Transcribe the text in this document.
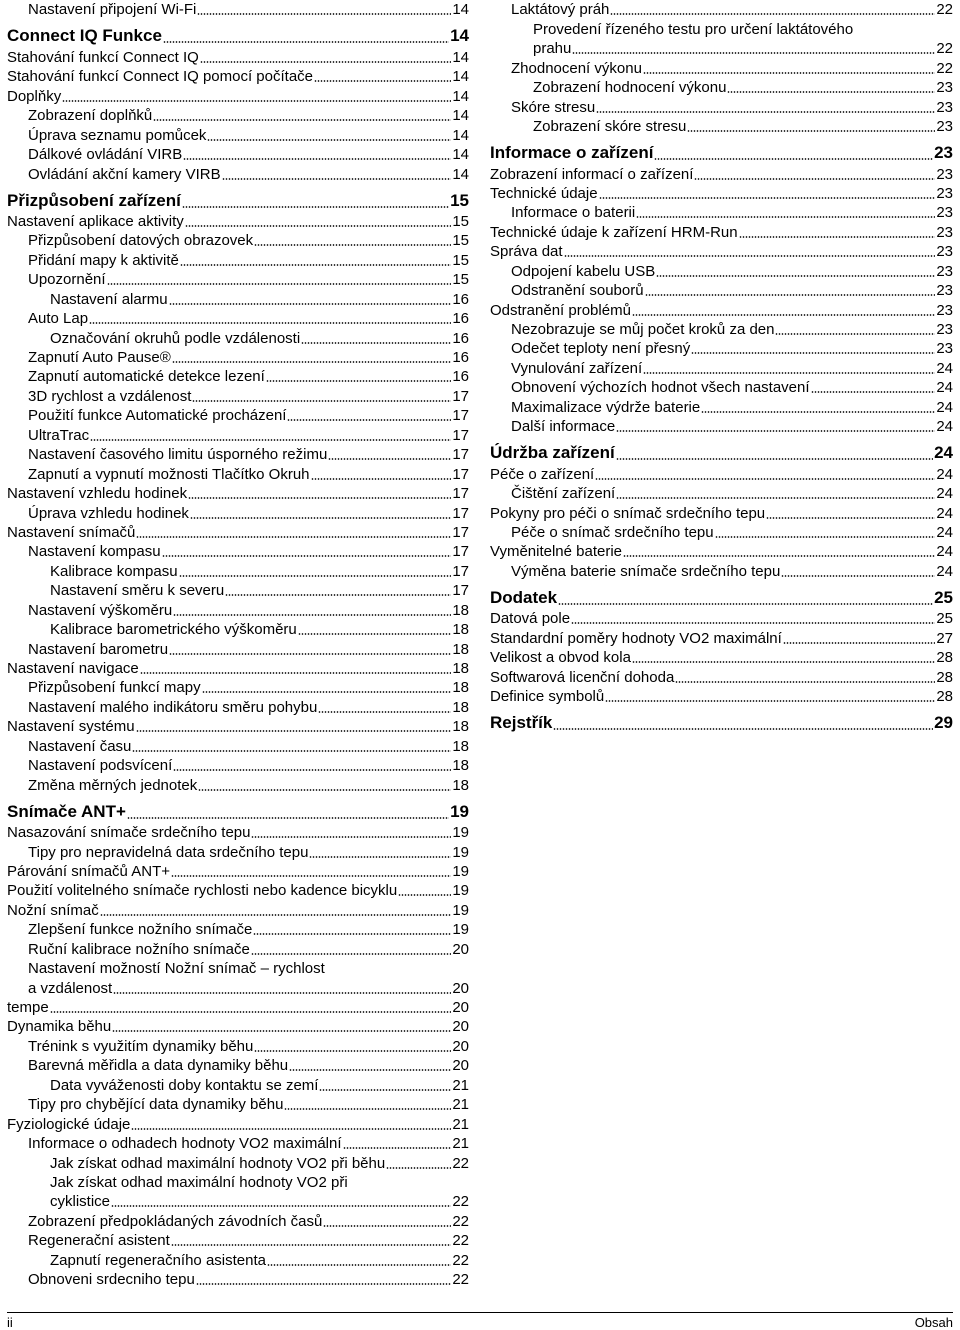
Nastavení připojení Wi-Fi	14
Connect IQ Funkce	14
Stahování funkcí Connect IQ	14
Stahování funkcí Connect IQ pomocí počítače	14
Doplňky	14
Zobrazení doplňků	14
Úprava seznamu pomůcek	14
Dálkové ovládání VIRB	14
Ovládání akční kamery VIRB	14
Přizpůsobení zařízení	15
Nastavení aplikace aktivity	15
Přizpůsobení datových obrazovek	15
Přidání mapy k aktivitě	15
Upozornění	15
Nastavení alarmu	16
Auto Lap	16
Označování okruhů podle vzdálenosti	16
Zapnutí Auto Pause®	16
Zapnutí automatické detekce lezení	16
3D rychlost a vzdálenost	17
Použití funkce Automatické procházení	17
UltraTrac	17
Nastavení časového limitu úsporného režimu	17
Zapnutí a vypnutí možnosti Tlačítko Okruh	17
Nastavení vzhledu hodinek	17
Úprava vzhledu hodinek	17
Nastavení snímačů	17
Nastavení kompasu	17
Kalibrace kompasu	17
Nastavení směru k severu	17
Nastavení výškoměru	18
Kalibrace barometrického výškoměru	18
Nastavení barometru	18
Nastavení navigace	18
Přizpůsobení funkcí mapy	18
Nastavení malého indikátoru směru pohybu	18
Nastavení systému	18
Nastavení času	18
Nastavení podsvícení	18
Změna měrných jednotek	18
Snímače ANT+	19
Nasazování snímače srdečního tepu	19
Tipy pro nepravidelná data srdečního tepu	19
Párování snímačů ANT+	19
Použití volitelného snímače rychlosti nebo kadence bicyklu	19
Nožní snímač	19
Zlepšení funkce nožního snímače	19
Ruční kalibrace nožního snímače	20
Nastavení možností Nožní snímač – rychlost
a vzdálenost	20
tempe	20
Dynamika běhu	20
Trénink s využitím dynamiky běhu	20
Barevná měřidla a data dynamiky běhu	20
Data vyváženosti doby kontaktu se zemí	21
Tipy pro chybějící data dynamiky běhu	21
Fyziologické údaje	21
Informace o odhadech hodnoty VO2 maximální	21
Jak získat odhad maximální hodnoty VO2 při běhu	22
Jak získat odhad maximální hodnoty VO2 při
cyklistice	22
Zobrazení předpokládaných závodních časů	22
Regenerační asistent	22
Zapnutí regeneračního asistenta	22
Obnoveni srdecniho tepu	22
Laktátový práh	22
Provedení řízeného testu pro určení laktátového
prahu	22
Zhodnocení výkonu	22
Zobrazení hodnocení výkonu	23
Skóre stresu	23
Zobrazení skóre stresu	23
Informace o zařízení	23
Zobrazení informací o zařízení	23
Technické údaje	23
Informace o baterii	23
Technické údaje k zařízení HRM-Run	23
Správa dat	23
Odpojení kabelu USB	23
Odstranění souborů	23
Odstranění problémů	23
Nezobrazuje se můj počet kroků za den	23
Odečet teploty není přesný	23
Vynulování zařízení	24
Obnovení výchozích hodnot všech nastavení	24
Maximalizace výdrže baterie	24
Další informace	24
Údržba zařízení	24
Péče o zařízení	24
Čištění zařízení	24
Pokyny pro péči o snímač srdečního tepu	24
Péče o snímač srdečního tepu	24
Vyměnitelné baterie	24
Výměna baterie snímače srdečního tepu	24
Dodatek	25
Datová pole	25
Standardní poměry hodnoty VO2 maximální	27
Velikost a obvod kola	28
Softwarová licenční dohoda	28
Definice symbolů	28
Rejstřík	29
ii	Obsah
